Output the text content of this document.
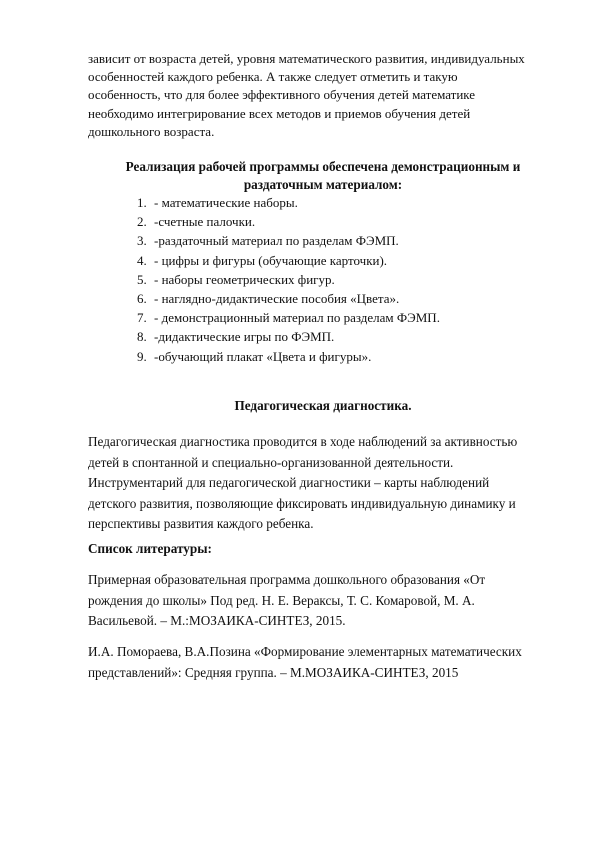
зависит от возраста детей, уровня математического развития, индивидуальных
особенностей каждого ребенка. А также следует отметить и такую
особенность, что для более эффективного обучения детей математике
необходимо интегрирование всех методов и приемов обучения детей
дошкольного возраста.
Реализация рабочей программы обеспечена демонстрационным и
раздаточным материалом:
1. - математические наборы.
2. -счетные палочки.
3. -раздаточный материал по разделам ФЭМП.
4. - цифры и фигуры (обучающие карточки).
5. - наборы геометрических фигур.
6. - наглядно-дидактические пособия «Цвета».
7. - демонстрационный материал по разделам ФЭМП.
8. -дидактические игры по ФЭМП.
9. -обучающий плакат «Цвета и фигуры».
Педагогическая диагностика.
Педагогическая диагностика проводится в ходе наблюдений за активностью
детей в спонтанной и специально-организованной деятельности.
Инструментарий для педагогической диагностики – карты наблюдений
детского развития, позволяющие фиксировать индивидуальную динамику и
перспективы развития каждого ребенка.
Список литературы:
Примерная образовательная программа дошкольного образования «От
рождения до школы» Под ред. Н. Е. Вераксы, Т. С. Комаровой, М. А.
Васильевой. – М.:МОЗАИКА-СИНТЕЗ, 2015.
И.А. Помораева, В.А.Позина «Формирование элементарных математических
представлений»: Средняя группа. – М.МОЗАИКА-СИНТЕЗ, 2015
